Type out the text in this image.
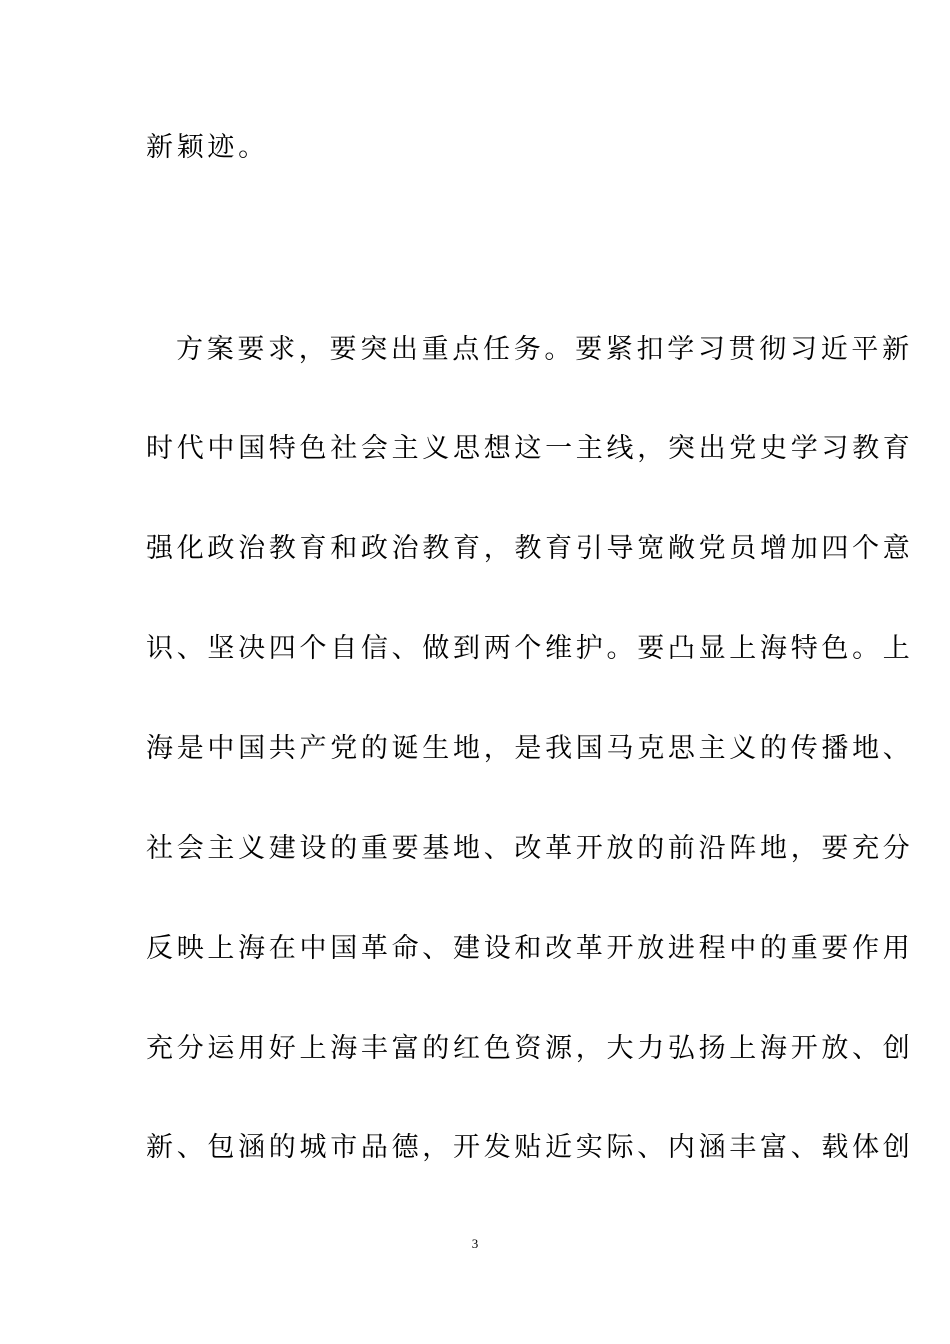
新颖迹。
方案要求，要突出重点任务。要紧扣学习贯彻习近平新
时代中国特色社会主义思想这一主线，突出党史学习教育
强化政治教育和政治教育，教育引导宽敞党员增加四个意
识、坚决四个自信、做到两个维护。要凸显上海特色。上
海是中国共产党的诞生地，是我国马克思主义的传播地、
社会主义建设的重要基地、改革开放的前沿阵地，要充分
反映上海在中国革命、建设和改革开放进程中的重要作用
充分运用好上海丰富的红色资源，大力弘扬上海开放、创
新、包涵的城市品德，开发贴近实际、内涵丰富、载体创
3
